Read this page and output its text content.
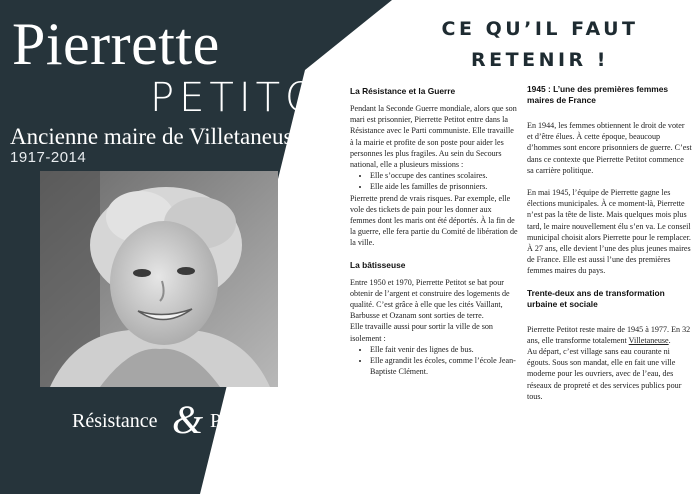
Pierrette
PETITOT

Ancienne maire de Villetaneuse

1917-2014

Résistance & Primauté
CE QU’IL FAUT
RETENIR !
La Résistance et la Guerre

Pendant la Seconde Guerre mondiale, alors que son mari est prisonnier, Pierrette Petitot entre dans la Résistance avec le Parti communiste. Elle travaille à la mairie et profite de son poste pour aider les personnes les plus fragiles. Au sein du Secours national, elle a plusieurs missions :

• Elle s’occupe des cantines scolaires.
• Elle aide les familles de prisonniers.

Pierrette prend de vrais risques. Par exemple, elle vole des tickets de pain pour les donner aux femmes dont les maris ont été déportés. À la fin de la guerre, elle fera partie du Comité de libération de la ville.

La bâtisseuse

Entre 1950 et 1970, Pierrette Petitot se bat pour obtenir de l’argent et construire des logements de qualité. C’est grâce à elle que les cités Vaillant, Barbusse et Ozanam sont sorties de terre.

Elle travaille aussi pour sortir la ville de son isolement :

• Elle fait venir des lignes de bus.
• Elle agrandit les écoles, comme l’école Jean-Baptiste Clément.
1945 : L’une des premières femmes maires de France

En 1944, les femmes obtiennent le droit de voter et d’être élues. À cette époque, beaucoup d’hommes sont encore prisonniers de guerre. C’est dans ce contexte que Pierrette Petitot commence sa carrière politique.

En mai 1945, l’équipe de Pierrette gagne les élections municipales. À ce moment-là, Pierrette n’est pas la tête de liste. Mais quelques mois plus tard, le maire nouvellement élu s’en va. Le conseil municipal choisit alors Pierrette pour le remplacer.

À 27 ans, elle devient l’une des plus jeunes maires de France. Elle est aussi l’une des premières femmes maires du pays.

Trente-deux ans de transformation urbaine et sociale

Pierrette Petitot reste maire de 1945 à 1977. En 32 ans, elle transforme totalement Villetaneuse.

Au départ, c’est village sans eau courante ni égouts. Sous son mandat, elle en fait une ville moderne pour les ouvriers, avec de l’eau, des réseaux de propreté et des services publics pour tous.
